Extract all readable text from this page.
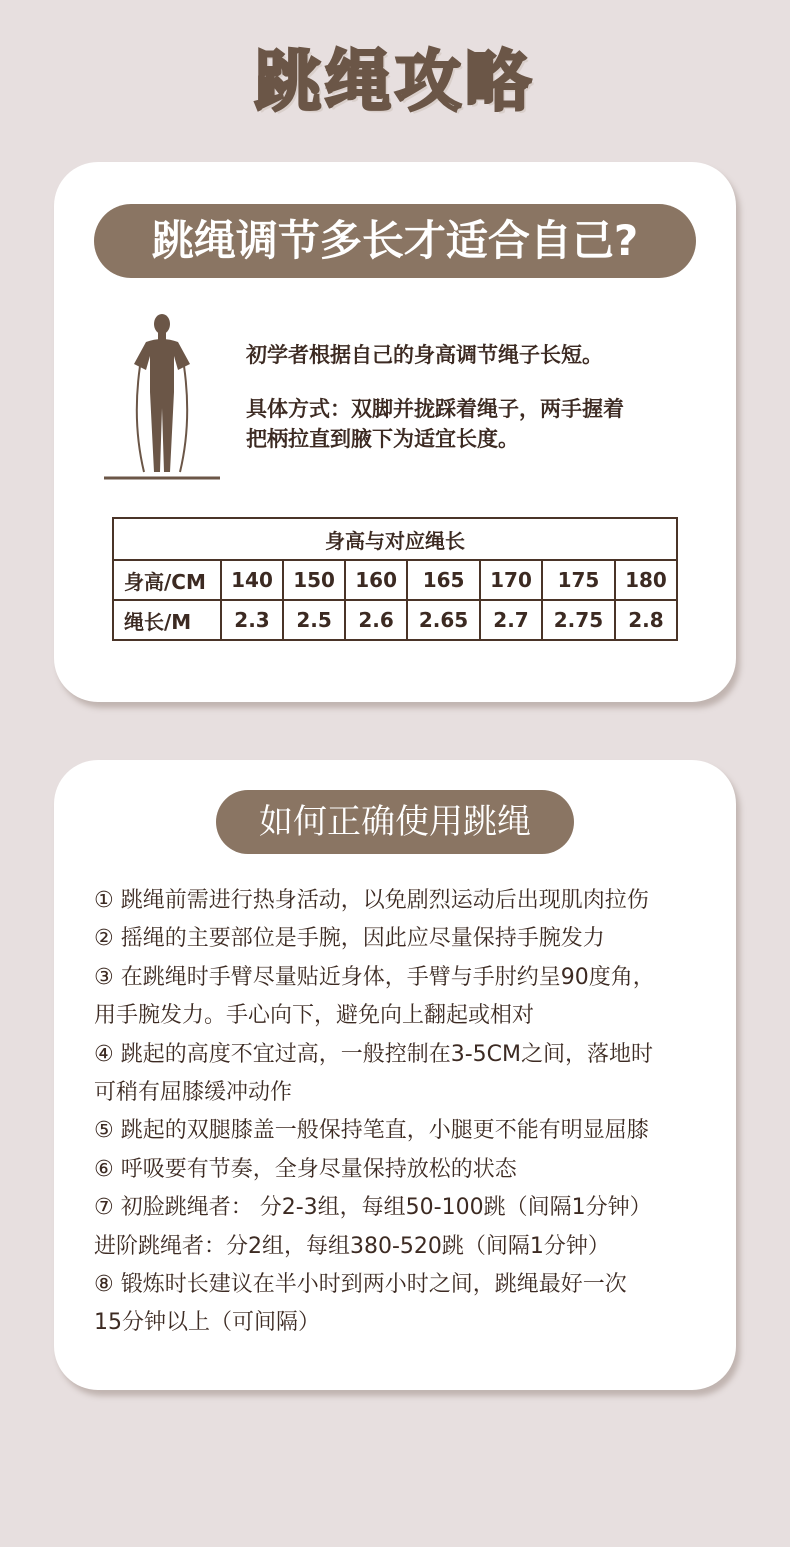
跳绳攻略
跳绳调节多长才适合自己?

初学者根据自己的身高调节绳子长短。

具体方式：双脚并拢踩着绳子，两手握着

把柄拉直到腋下为适宜长度。

身高与对应绳长							
身高/CM	140	150	160	165	170	175	180
绳长/M	2.3	2.5	2.6	2.65	2.7	2.75	2.8
如何正确使用跳绳
① 跳绳前需进行热身活动，以免剧烈运动后出现肌肉拉伤
② 摇绳的主要部位是手腕，因此应尽量保持手腕发力
③ 在跳绳时手臂尽量贴近身体，手臂与手肘约呈90度角，
用手腕发力。手心向下，避免向上翻起或相对
④ 跳起的高度不宜过高，一般控制在3-5CM之间，落地时
可稍有屈膝缓冲动作
⑤ 跳起的双腿膝盖一般保持笔直，小腿更不能有明显屈膝
⑥ 呼吸要有节奏，全身尽量保持放松的状态
⑦ 初脸跳绳者： 分2-3组，每组50-100跳（间隔1分钟）
进阶跳绳者：分2组，每组380-520跳（间隔1分钟）
⑧ 锻炼时长建议在半小时到两小时之间，跳绳最好一次
15分钟以上（可间隔）
